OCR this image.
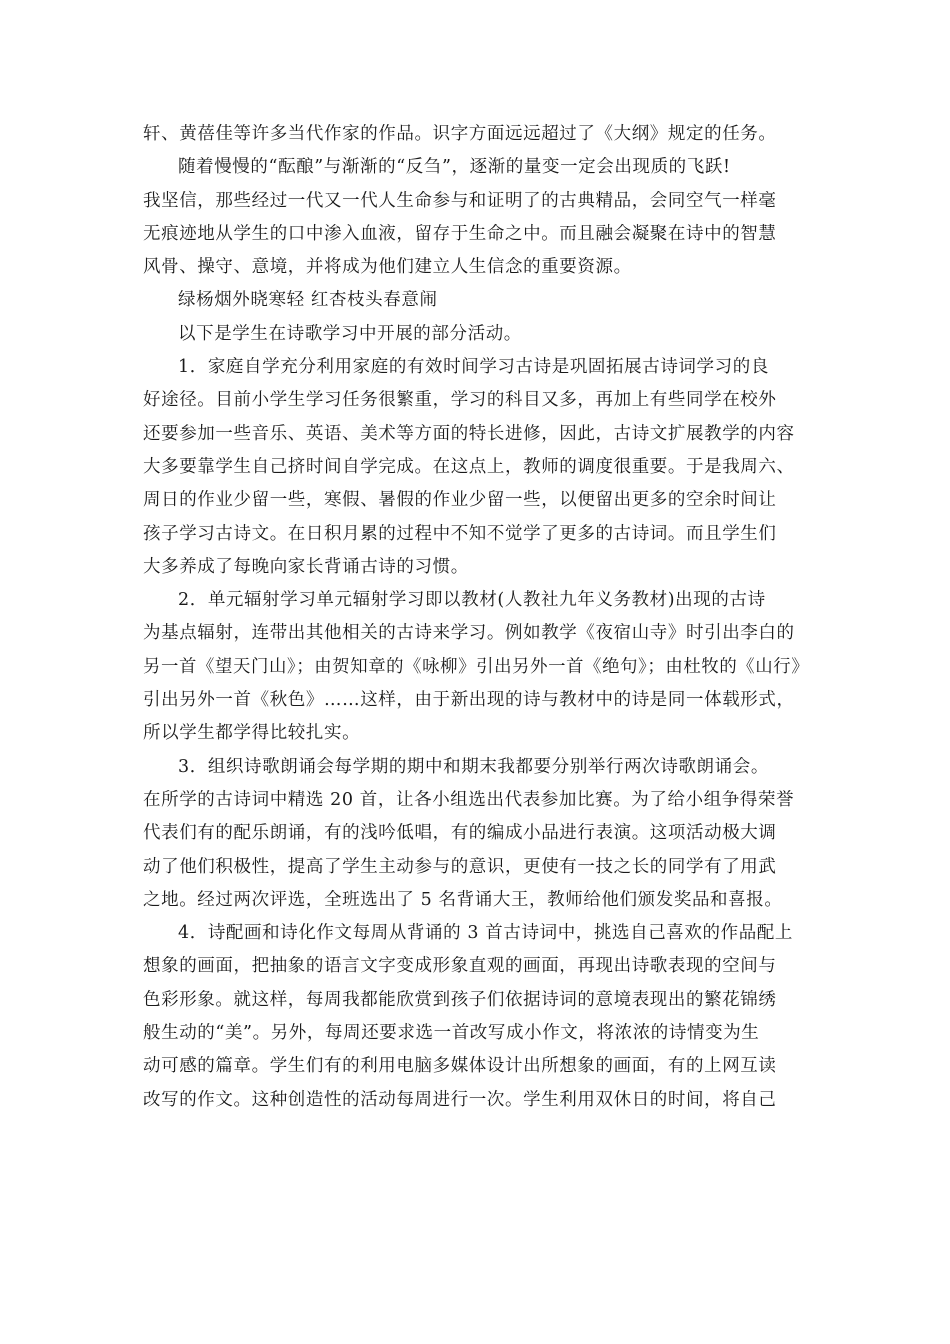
轩、黄蓓佳等许多当代作家的作品。识字方面远远超过了《大纲》规定的任务。

随着慢慢的“酝酿”与渐渐的“反刍”，逐渐的量变一定会出现质的飞跃!
我坚信，那些经过一代又一代人生命参与和证明了的古典精品，会同空气一样毫
无痕迹地从学生的口中渗入血液，留存于生命之中。而且融会凝聚在诗中的智慧
风骨、操守、意境，并将成为他们建立人生信念的重要资源。

绿杨烟外晓寒轻 红杏枝头春意闹

以下是学生在诗歌学习中开展的部分活动。

1．家庭自学充分利用家庭的有效时间学习古诗是巩固拓展古诗词学习的良
好途径。目前小学生学习任务很繁重，学习的科目又多，再加上有些同学在校外
还要参加一些音乐、英语、美术等方面的特长进修，因此，古诗文扩展教学的内容
大多要靠学生自己挤时间自学完成。在这点上，教师的调度很重要。于是我周六、
周日的作业少留一些，寒假、暑假的作业少留一些，以便留出更多的空余时间让
孩子学习古诗文。在日积月累的过程中不知不觉学了更多的古诗词。而且学生们
大多养成了每晚向家长背诵古诗的习惯。

2．单元辐射学习单元辐射学习即以教材(人教社九年义务教材)出现的古诗
为基点辐射，连带出其他相关的古诗来学习。例如教学《夜宿山寺》时引出李白的
另一首《望天门山》；由贺知章的《咏柳》引出另外一首《绝句》；由杜牧的《山行》
引出另外一首《秋色》……这样，由于新出现的诗与教材中的诗是同一体载形式，
所以学生都学得比较扎实。

3．组织诗歌朗诵会每学期的期中和期末我都要分别举行两次诗歌朗诵会。
在所学的古诗词中精选 20 首，让各小组选出代表参加比赛。为了给小组争得荣誉
代表们有的配乐朗诵，有的浅吟低唱，有的编成小品进行表演。这项活动极大调
动了他们积极性，提高了学生主动参与的意识，更使有一技之长的同学有了用武
之地。经过两次评选，全班选出了 5 名背诵大王，教师给他们颁发奖品和喜报。

4．诗配画和诗化作文每周从背诵的 3 首古诗词中，挑选自己喜欢的作品配上
想象的画面，把抽象的语言文字变成形象直观的画面，再现出诗歌表现的空间与
色彩形象。就这样，每周我都能欣赏到孩子们依据诗词的意境表现出的繁花锦绣
般生动的“美”。另外，每周还要求选一首改写成小作文，将浓浓的诗情变为生
动可感的篇章。学生们有的利用电脑多媒体设计出所想象的画面，有的上网互读
改写的作文。这种创造性的活动每周进行一次。学生利用双休日的时间，将自己
